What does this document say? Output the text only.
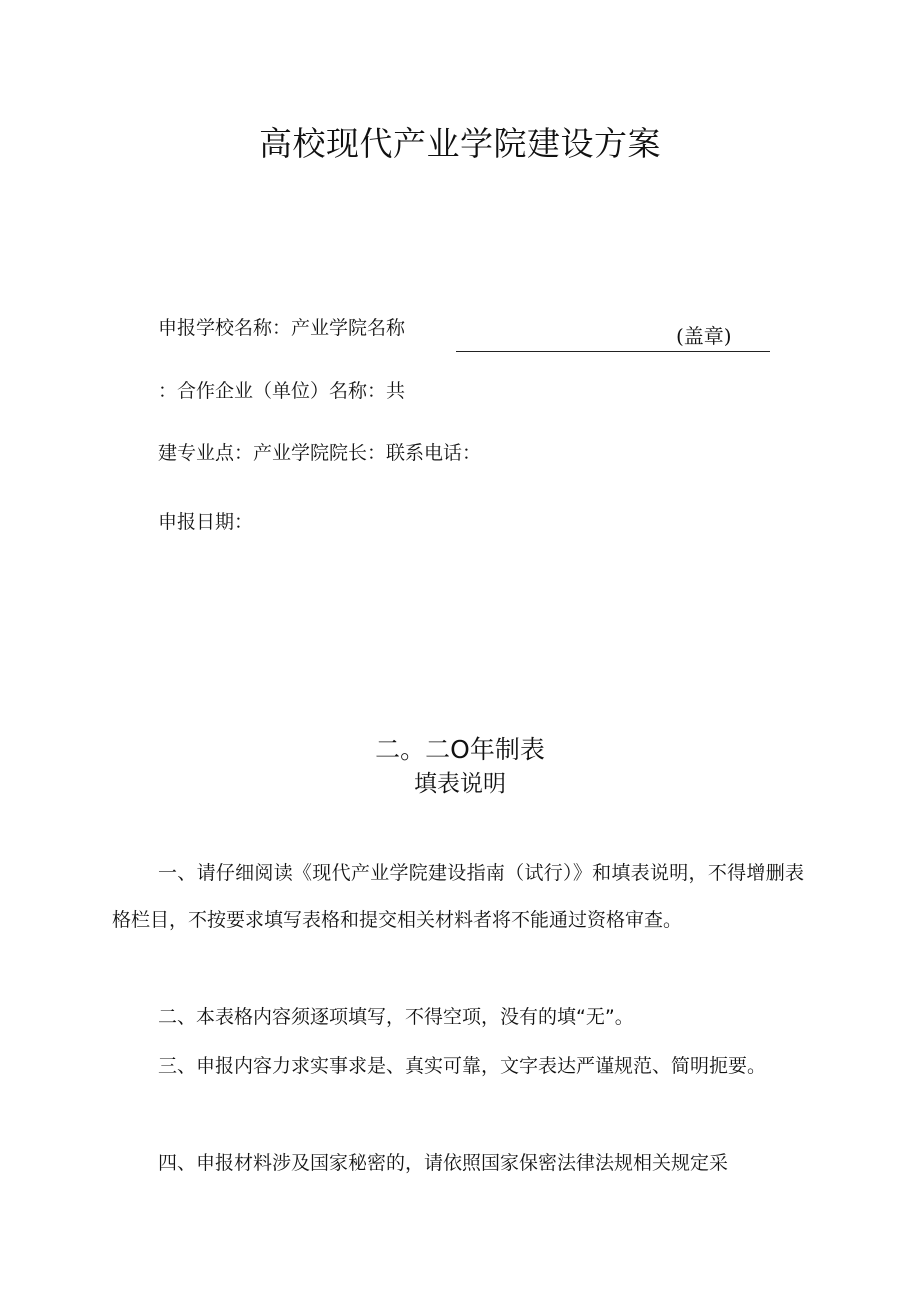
高校现代产业学院建设方案
申报学校名称：产业学院名称	(盖章)
：合作企业（单位）名称：共
建专业点：产业学院院长：联系电话：
申报日期：
二。二O年制表
填表说明

一、请仔细阅读《现代产业学院建设指南（试行）》和填表说明，不得增删表格栏目，不按要求填写表格和提交相关材料者将不能通过资格审查。

二、本表格内容须逐项填写，不得空项，没有的填“无”。

三、申报内容力求实事求是、真实可靠，文字表达严谨规范、简明扼要。

四、申报材料涉及国家秘密的，请依照国家保密法律法规相关规定采
